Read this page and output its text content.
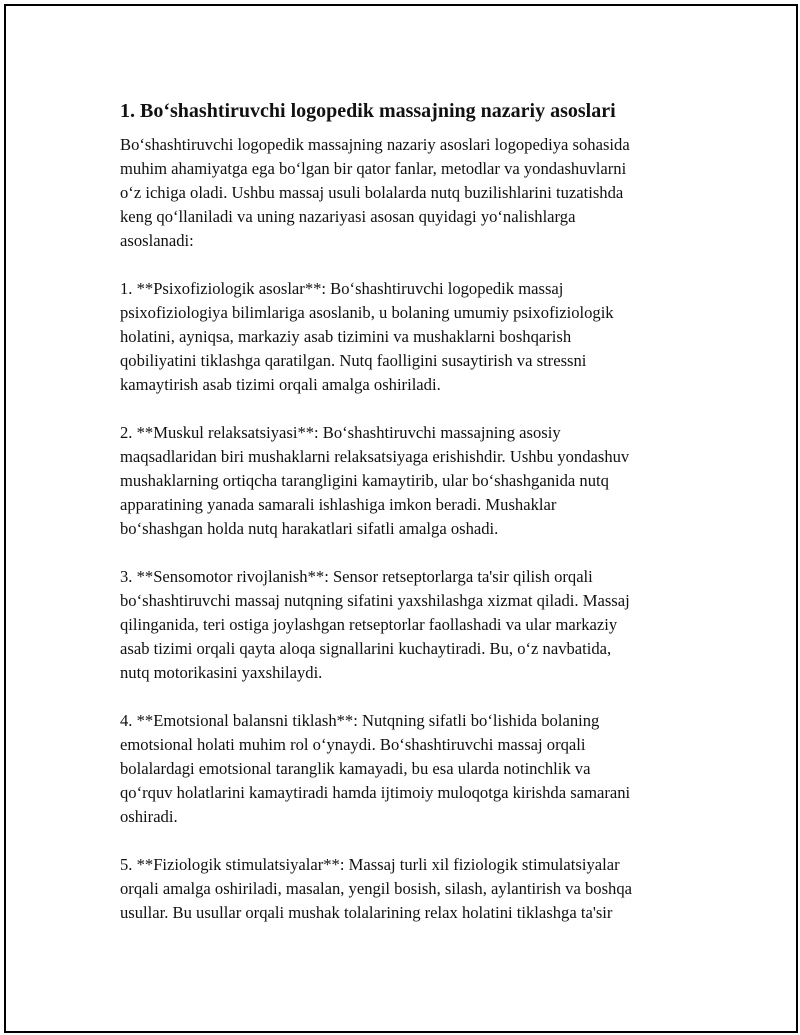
1. Bo‘shashtiruvchi logopedik massajning nazariy asoslari

Bo‘shashtiruvchi logopedik massajning nazariy asoslari logopediya sohasida
muhim ahamiyatga ega bo‘lgan bir qator fanlar, metodlar va yondashuvlarni
o‘z ichiga oladi. Ushbu massaj usuli bolalarda nutq buzilishlarini tuzatishda
keng qo‘llaniladi va uning nazariyasi asosan quyidagi yo‘nalishlarga
asoslanadi:

1. **Psixofiziologik asoslar**: Bo‘shashtiruvchi logopedik massaj
psixofiziologiya bilimlariga asoslanib, u bolaning umumiy psixofiziologik
holatini, ayniqsa, markaziy asab tizimini va mushaklarni boshqarish
qobiliyatini tiklashga qaratilgan. Nutq faolligini susaytirish va stressni
kamaytirish asab tizimi orqali amalga oshiriladi.

2. **Muskul relaksatsiyasi**: Bo‘shashtiruvchi massajning asosiy
maqsadlaridan biri mushaklarni relaksatsiyaga erishishdir. Ushbu yondashuv
mushaklarning ortiqcha tarangligini kamaytirib, ular bo‘shashganida nutq
apparatining yanada samarali ishlashiga imkon beradi. Mushaklar
bo‘shashgan holda nutq harakatlari sifatli amalga oshadi.

3. **Sensomotor rivojlanish**: Sensor retseptorlarga ta'sir qilish orqali
bo‘shashtiruvchi massaj nutqning sifatini yaxshilashga xizmat qiladi. Massaj
qilinganida, teri ostiga joylashgan retseptorlar faollashadi va ular markaziy
asab tizimi orqali qayta aloqa signallarini kuchaytiradi. Bu, o‘z navbatida,
nutq motorikasini yaxshilaydi.

4. **Emotsional balansni tiklash**: Nutqning sifatli bo‘lishida bolaning
emotsional holati muhim rol o‘ynaydi. Bo‘shashtiruvchi massaj orqali
bolalardagi emotsional taranglik kamayadi, bu esa ularda notinchlik va
qo‘rquv holatlarini kamaytiradi hamda ijtimoiy muloqotga kirishda samarani
oshiradi.

5. **Fiziologik stimulatsiyalar**: Massaj turli xil fiziologik stimulatsiyalar
orqali amalga oshiriladi, masalan, yengil bosish, silash, aylantirish va boshqa
usullar. Bu usullar orqali mushak tolalarining relax holatini tiklashga ta'sir
